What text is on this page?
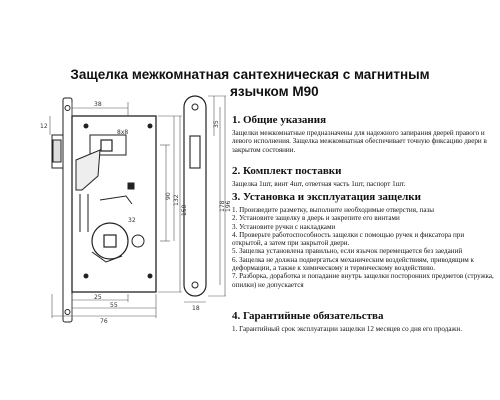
Защелка межкомнатная сантехническая с магнитным
язычком M90
38
12
8x8
90 132
150
32
25
55
76
18
35
178 196

1. Общие указания

Защелки межкомнатные предназначены для надежного запирания дверей правого и левого исполнения. Защелка межкомнатная обеспечивает точную фиксацию двери в закрытом состоянии.

2. Комплект поставки

Защелка 1шт, винт 4шт, ответная часть 1шт, паспорт 1шт.

3. Установка и эксплуатация защелки

1. Произведите разметку, выполните необходимые отверстия, пазы
2. Установите защелку в дверь и закрепите его винтами
3. Установите ручки с накладками
4. Проверьте работоспособность защелки с помощью ручек и фиксатора при открытой, а затем при закрытой двери.
5. Защелка установлена правильно, если язычок перемещается без заеданий
6. Защелка не должна подвергаться механическим воздействиям, приводящим к деформации, а также к химическому и термическому воздействию.
7. Разборка, доработка и попадание внутрь защелки посторонних предметов (стружка, опилки) не допускается

4. Гарантийные обязательства

1. Гарантийный срок эксплуатации защелки 12 месяцев со дня его продажи.
